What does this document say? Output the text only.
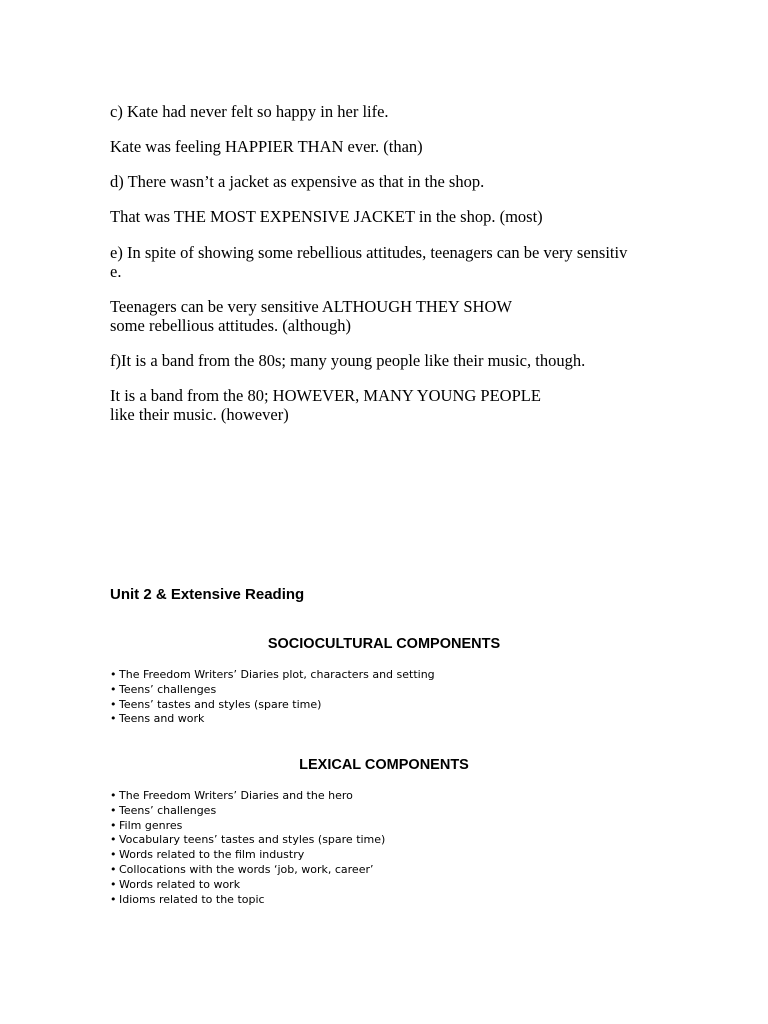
c) Kate had never felt so happy in her life.

Kate was feeling HAPPIER THAN ever. (than)

d) There wasn’t a jacket as expensive as that in the shop.

That was THE MOST EXPENSIVE JACKET in the shop. (most)

e) In spite of showing some rebellious attitudes, teenagers can be very sensitiv

e.

Teenagers can be very sensitive ALTHOUGH THEY SHOW

some rebellious attitudes. (although)

f)It is a band from the 80s; many young people like their music, though.

It is a band from the 80; HOWEVER, MANY YOUNG PEOPLE

like their music. (however)

Unit 2 & Extensive Reading
SOCIOCULTURAL COMPONENTS
• The Freedom Writers’ Diaries plot, characters and setting
• Teens’ challenges
• Teens’ tastes and styles (spare time)
• Teens and work
LEXICAL COMPONENTS
• The Freedom Writers’ Diaries and the hero
• Teens’ challenges
• Film genres
• Vocabulary teens’ tastes and styles (spare time)
• Words related to the film industry
• Collocations with the words ‘job, work, career’
• Words related to work
• Idioms related to the topic
